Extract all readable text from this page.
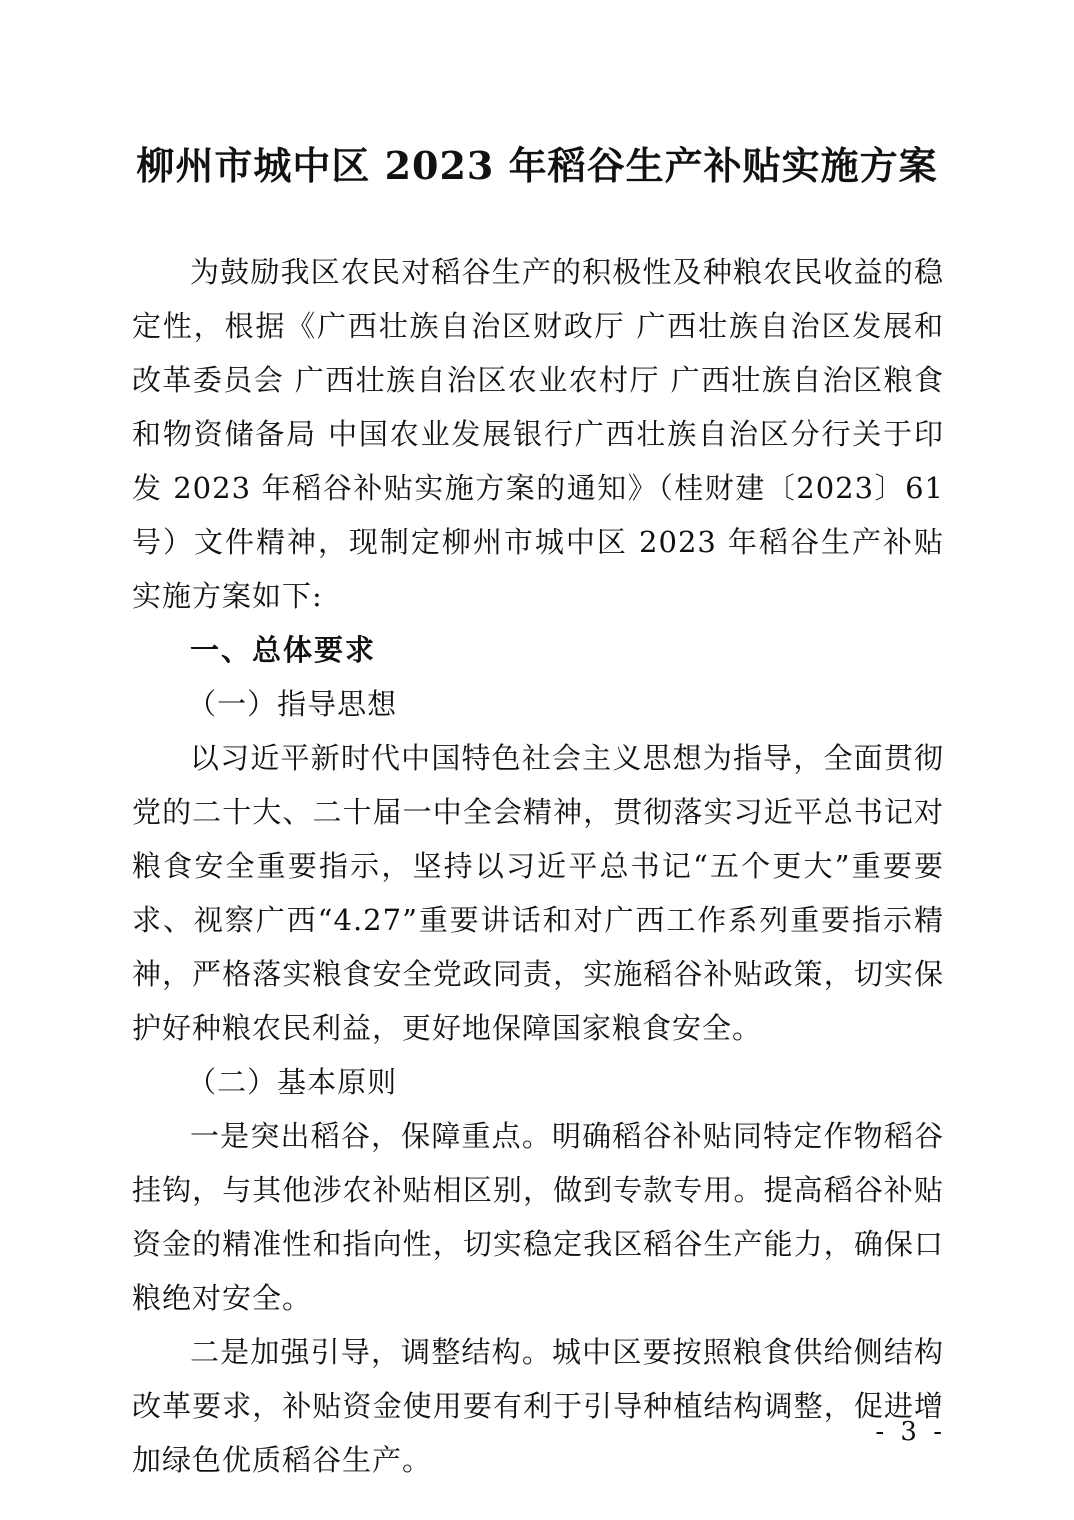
柳州市城中区 2023 年稻谷生产补贴实施方案

为鼓励我区农民对稻谷生产的积极性及种粮农民收益的稳定性，根据《广西壮族自治区财政厅 广西壮族自治区发展和改革委员会 广西壮族自治区农业农村厅 广西壮族自治区粮食和物资储备局 中国农业发展银行广西壮族自治区分行关于印发 2023 年稻谷补贴实施方案的通知》（桂财建〔2023〕61 号）文件精神，现制定柳州市城中区 2023 年稻谷生产补贴实施方案如下:

一、总体要求

（一）指导思想

以习近平新时代中国特色社会主义思想为指导，全面贯彻党的二十大、二十届一中全会精神，贯彻落实习近平总书记对粮食安全重要指示，坚持以习近平总书记“五个更大”重要要求、视察广西“4.27”重要讲话和对广西工作系列重要指示精神，严格落实粮食安全党政同责，实施稻谷补贴政策，切实保护好种粮农民利益，更好地保障国家粮食安全。

（二）基本原则

一是突出稻谷，保障重点。明确稻谷补贴同特定作物稻谷挂钩，与其他涉农补贴相区别，做到专款专用。提高稻谷补贴资金的精准性和指向性，切实稳定我区稻谷生产能力，确保口粮绝对安全。

二是加强引导，调整结构。城中区要按照粮食供给侧结构改革要求，补贴资金使用要有利于引导种植结构调整，促进增加绿色优质稻谷生产。

- 3 -
